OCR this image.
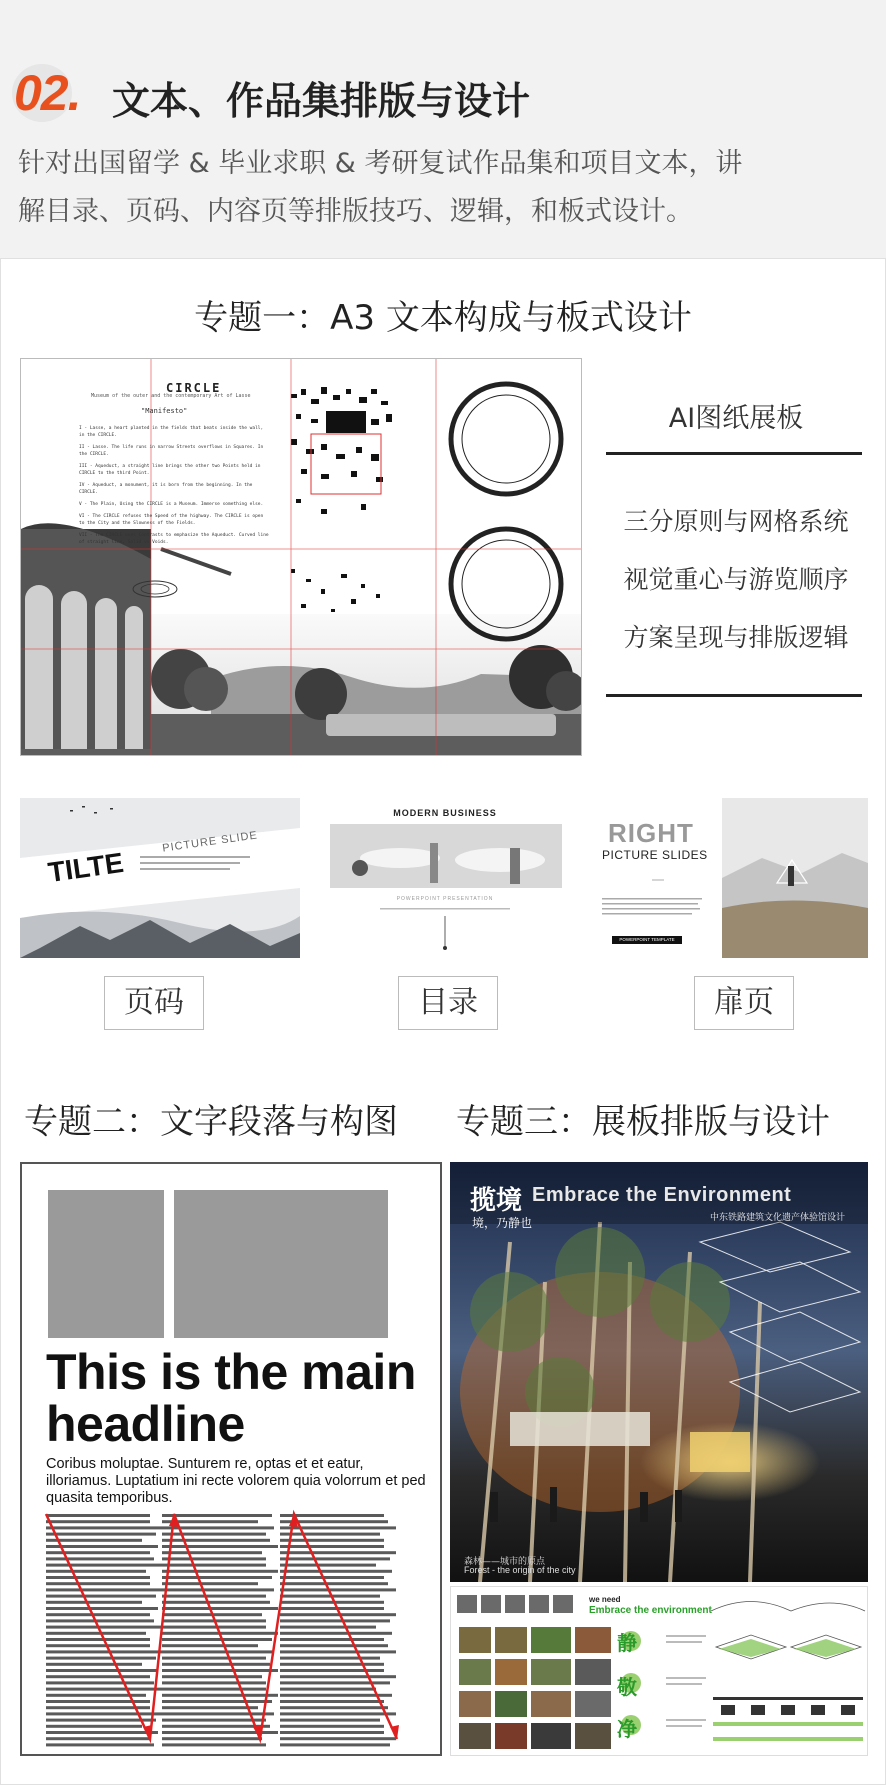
02. 文本、作品集排版与设计
针对出国留学 & 毕业求职 & 考研复试作品集和项目文本，讲
解目录、页码、内容页等排版技巧、逻辑，和板式设计。
专题一：A3 文本构成与板式设计
CIRCLE
Museum of the outer and the contemporary Art of Lasse
"Manifesto"
I - Lasse, a heart planted in the fields that beats inside the wall, in the CIRCLE.
II - Lasse. The life runs in narrow Streets overflows in Squares. In the CIRCLE.
III - Aqueduct, a straight line brings the other two Points held in CIRCLE to the third Point.
IV - Aqueduct, a monument, it is born from the beginning. In the CIRCLE.
V - The Plain, Using the CIRCLE is a Museum. Immerse something else.
VI - The CIRCLE refuses the Speed of the highway. The CIRCLE is open to the City and the Slowness of the Fields.
VII - The CIRCLE uses Contrasts to emphasize the Aqueduct. Curved line of straight line, Solid vs Voids.
AI图纸展板
三分原则与网格系统
视觉重心与游览顺序
方案呈现与排版逻辑
TILTE
PICTURE SLIDE
MODERN BUSINESS
POWERPOINT PRESENTATION
RIGHT
PICTURE SLIDES
POWERPOINT TEMPLATE
页码	目录	扉页
专题二：文字段落与构图 专题三：展板排版与设计
This is the main headline
Coribus moluptae. Sunturem re, optas et et eatur, illoriamus. Luptatium ini recte volorem quia volorrum et ped quasita temporibus.
揽境 Embrace the Environment
中东铁路建筑文化遗产体验馆设计
境，乃静也
森林——城市的原点
Forest - the origin of the city
we need
Embrace the environment
静
敬
净
